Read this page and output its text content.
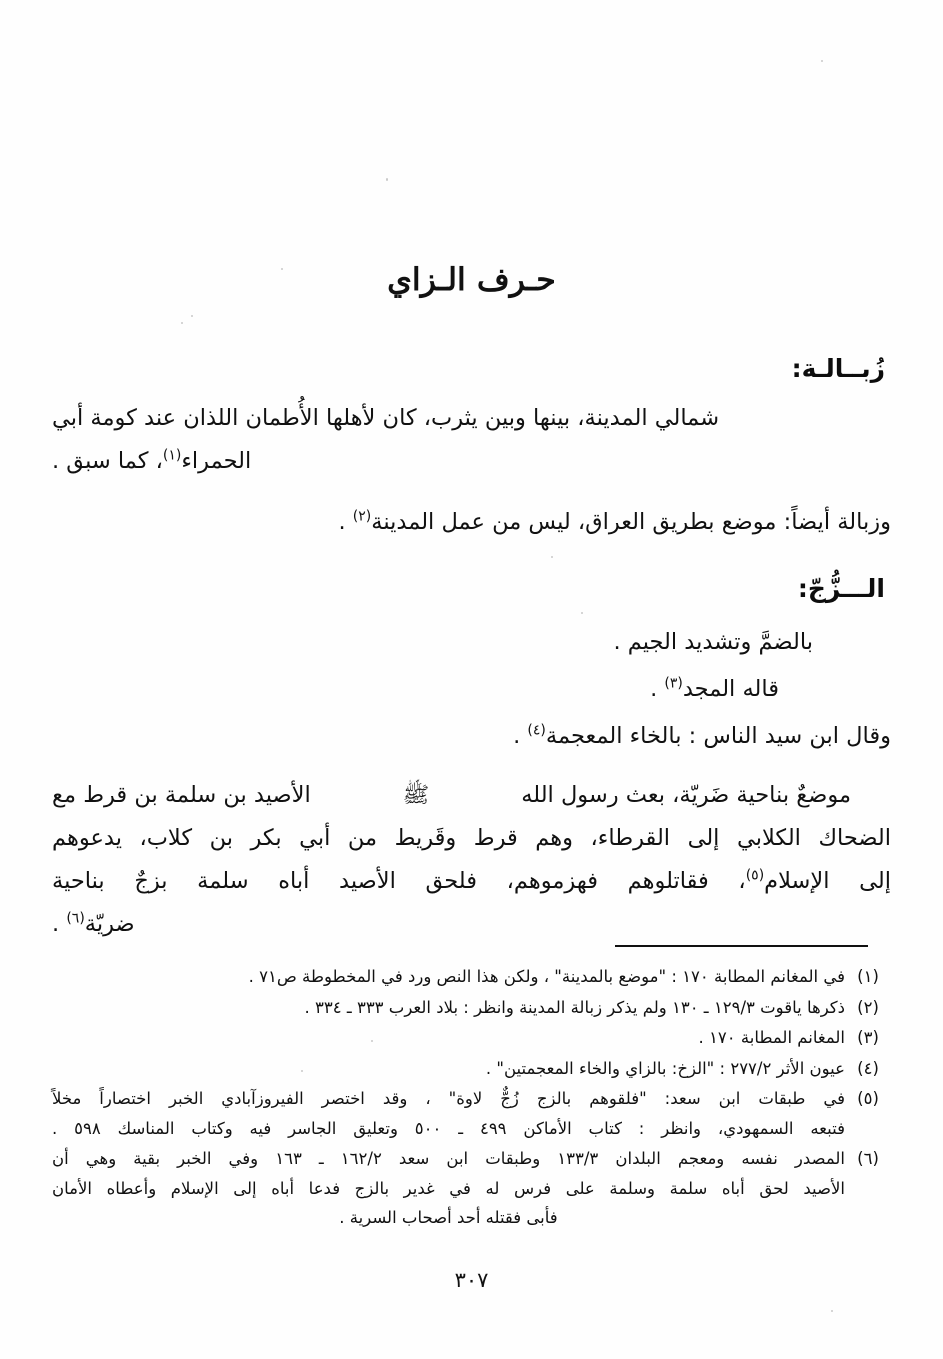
حـرف الـزاي
زُبــالـة:
شمالي المدينة، بينها وبين يثرب، كان لأهلها الأُطمان اللذان عند كومة أبي
الحمراء$^{(١)}$، كما سبق .
وزبالة أيضاً: موضع بطريق العراق، ليس من عمل المدينة$^{(٢)}$ .
الـــزُّجّ:
بالضمَّ وتشديد الجيم .
قاله المجد$^{(٣)}$ .
وقال ابن سيد الناس : بالخاء المعجمة$^{(٤)}$ .
موضعٌ بناحية ضَريّة، بعث رسول الله
ﷺ
الأصيد بن سلمة بن قرط مع
الضحاك الكلابي إلى القرطاء، وهم قرط وقَريط من أبي بكر بن كلاب، يدعوهم
إلى الإسلام$^{(٥)}$، فقاتلوهم فهزموهم، فلحق الأصيد أباه سلمة بزجٌ بناحية
ضريّة$^{(٦)}$ .
(١)
في المغانم المطابة ١٧٠ : "موضع بالمدينة" ، ولكن هذا النص ورد في المخطوطة ص٧١ .
(٢)
ذكرها ياقوت ١٢٩/٣ ـ ١٣٠ ولم يذكر زبالة المدينة وانظر : بلاد العرب ٣٣٣ ـ ٣٣٤ .
(٣)
المغانم المطابة ١٧٠ .
(٤)
عيون الأثر ٢٧٧/٢ : "الزخ: بالزاي والخاء المعجمتين" .
(٥)
في طبقات ابن سعد: "فلقوهم بالزج زُجٌّ لاوة" ، وقد اختصر الفيروزآبادي الخبر اختصاراً مخلاً
فتبعه السمهودي، وانظر : كتاب الأماكن ٤٩٩ ـ ٥٠٠ وتعليق الجاسر فيه وكتاب المناسك ٥٩٨ .
(٦)
المصدر نفسه ومعجم البلدان ١٣٣/٣ وطبقات ابن سعد ١٦٢/٢ ـ ١٦٣ وفي الخبر بقية وهي أن
الأصيد لحق أباه سلمة وسلمة على فرس له في غدير بالزج فدعا أباه إلى الإسلام وأعطاه الأمان
فأبى فقتله أحد أصحاب السرية .
٣٠٧
